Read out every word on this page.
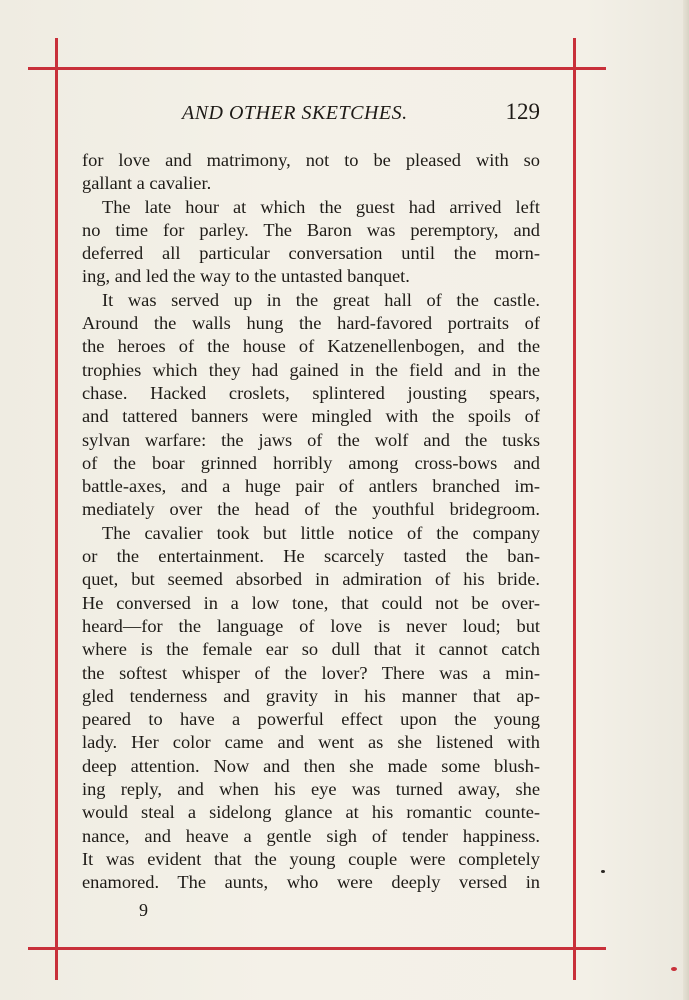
AND OTHER SKETCHES.	129
for love and matrimony, not to be pleased with so
gallant a cavalier.
The late hour at which the guest had arrived left
no time for parley. The Baron was peremptory, and
deferred all particular conversation until the morn-
ing, and led the way to the untasted banquet.
It was served up in the great hall of the castle.
Around the walls hung the hard-favored portraits of
the heroes of the house of Katzenellenbogen, and the
trophies which they had gained in the field and in the
chase. Hacked croslets, splintered jousting spears,
and tattered banners were mingled with the spoils of
sylvan warfare: the jaws of the wolf and the tusks
of the boar grinned horribly among cross-bows and
battle-axes, and a huge pair of antlers branched im-
mediately over the head of the youthful bridegroom.
The cavalier took but little notice of the company
or the entertainment. He scarcely tasted the ban-
quet, but seemed absorbed in admiration of his bride.
He conversed in a low tone, that could not be over-
heard—for the language of love is never loud; but
where is the female ear so dull that it cannot catch
the softest whisper of the lover? There was a min-
gled tenderness and gravity in his manner that ap-
peared to have a powerful effect upon the young
lady. Her color came and went as she listened with
deep attention. Now and then she made some blush-
ing reply, and when his eye was turned away, she
would steal a sidelong glance at his romantic counte-
nance, and heave a gentle sigh of tender happiness.
It was evident that the young couple were completely
enamored. The aunts, who were deeply versed in
9
